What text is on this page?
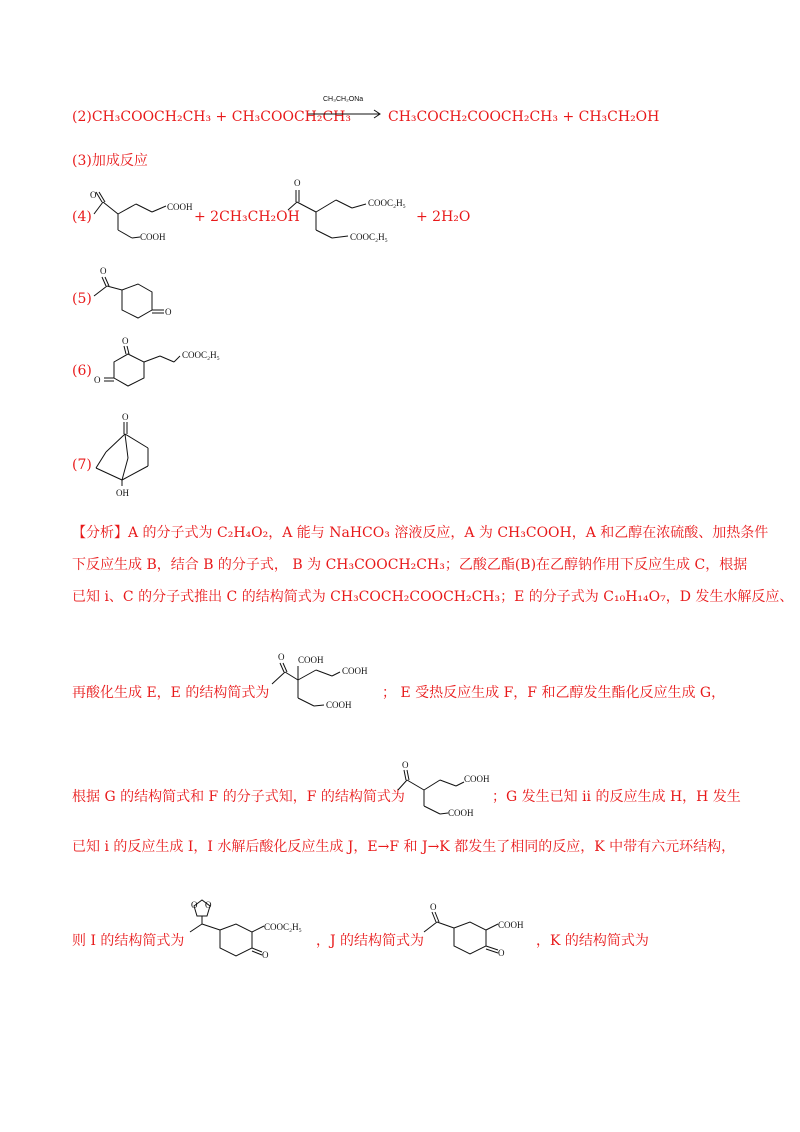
(2)CH₃COOCH₂CH₃ + CH₃COOCH₂CH₃
CH₃CH₂ONa
CH₃COCH₂COOCH₂CH₃ + CH₃CH₂OH
(3)加成反应
(4)
O
COOH
COOH
+ 2CH₃CH₂OH
O
COOC₂H₅
COOC₂H₅
+ 2H₂O
(5)
O
O
(6)
O
O
COOC₂H₅
(7)
O
OH
【分析】A 的分子式为 C₂H₄O₂，A 能与 NaHCO₃ 溶液反应，A 为 CH₃COOH，A 和乙醇在浓硫酸、加热条件
下反应生成 B，结合 B 的分子式， B 为 CH₃COOCH₂CH₃；乙酸乙酯(B)在乙醇钠作用下反应生成 C，根据
已知 i、C 的分子式推出 C 的结构简式为 CH₃COCH₂COOCH₂CH₃；E 的分子式为 C₁₀H₁₄O₇，D 发生水解反应、
再酸化生成 E，E 的结构简式为
O COOH
COOH
COOH
； E 受热反应生成 F，F 和乙醇发生酯化反应生成 G，
根据 G 的结构简式和 F 的分子式知，F 的结构简式为
O
COOH
COOH
；G 发生已知 ii 的反应生成 H，H 发生
已知 i 的反应生成 I，I 水解后酸化反应生成 J，E→F 和 J→K 都发生了相同的反应，K 中带有六元环结构，
则 I 的结构简式为
O O
COOC₂H₅
O
，J 的结构简式为
O
COOH
O
，K 的结构简式为
